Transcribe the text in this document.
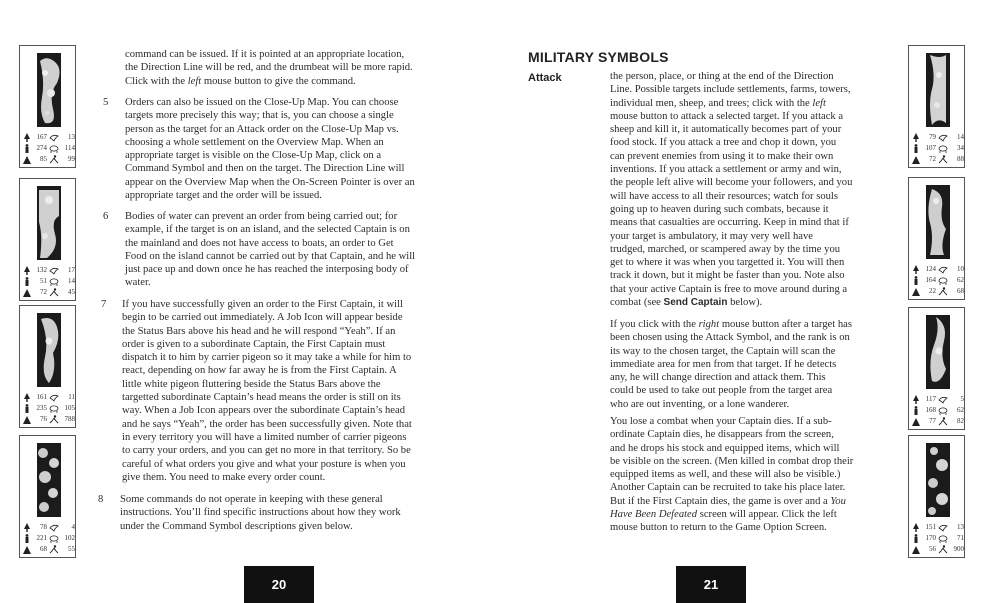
167	13
274	114
85	99
132	17
51	14
72	45
161	11
235	105
76	788
78	4
221	102
68	55
command can be issued. If it is pointed at an appropriate location,
the Direction Line will be red, and the drumbeat will be more rapid.
Click with the left mouse button to give the command.
5 Orders can also be issued on the Close-Up Map. You can choose
targets more precisely this way; that is, you can choose a single
person as the target for an Attack order on the Close-Up Map vs.
choosing a whole settlement on the Overview Map. When an
appropriate target is visible on the Close-Up Map, click on a
Command Symbol and then on the target. The Direction Line will
appear on the Overview Map when the On-Screen Pointer is over an
appropriate target and the order will be issued.
6 Bodies of water can prevent an order from being carried out; for
example, if the target is on an island, and the selected Captain is on
the mainland and does not have access to boats, an order to Get
Food on the island cannot be carried out by that Captain, and he will
just pace up and down once he has reached the interposing body of
water.
7 If you have successfully given an order to the First Captain, it will
begin to be carried out immediately. A Job Icon will appear beside
the Status Bars above his head and he will respond “Yeah”. If an
order is given to a subordinate Captain, the First Captain must
dispatch it to him by carrier pigeon so it may take a while for him to
react, depending on how far away he is from the First Captain. A
little white pigeon fluttering beside the Status Bars above the
targetted subordinate Captain’s head means the order is still on its
way. When a Job Icon appears over the subordinate Captain’s head
and he says “Yeah”, the order has been successfully given. Note that
in every territory you will have a limited number of carrier pigeons
to carry your orders, and you can get no more in that territory. So be
careful of what orders you give and what your posture is when you
give them. You need to make every order count.
8 Some commands do not operate in keeping with these general
instructions. You’ll find specific instructions about how they work
under the Command Symbol descriptions given below.
20
79	14
107	34
72	88
124	10
164	62
22	68
117	5
168	62
77	82
151	13
170	71
56	900
21
MILITARY SYMBOLS
Attack	the person, place, or thing at the end of the Direction
Line. Possible targets include settlements, farms, towers,
individual men, sheep, and trees; click with the left
mouse button to attack a selected target. If you attack a
sheep and kill it, it automatically becomes part of your
food stock. If you attack a tree and chop it down, you
can prevent enemies from using it to make their own
inventions. If you attack a settlement or army and win,
the people left alive will become your followers, and you
will have access to all their resources; watch for souls
going up to heaven during such combats, because it
means that casualties are occurring. Keep in mind that if
your target is ambulatory, it may very well have
trudged, marched, or scampered away by the time you
get to where it was when you targetted it. You will then
track it down, but it might be faster than you. Note also
that your active Captain is free to move around during a
combat (see Send Captain below).
If you click with the right mouse button after a target has
been chosen using the Attack Symbol, and the rank is on
its way to the chosen target, the Captain will scan the
immediate area for men from that target. If he detects
any, he will change direction and attack them. This
could be used to take out people from the target area
who are out inventing, or a lone wanderer.
You lose a combat when your Captain dies. If a sub-
ordinate Captain dies, he disappears from the screen,
and he drops his stock and equipped items, which will
be visible on the screen. (Men killed in combat drop their
equipped items as well, and these will also be visible.)
Another Captain can be recruited to take his place later.
But if the First Captain dies, the game is over and a You
Have Been Defeated screen will appear. Click the left
mouse button to return to the Game Option Screen.
